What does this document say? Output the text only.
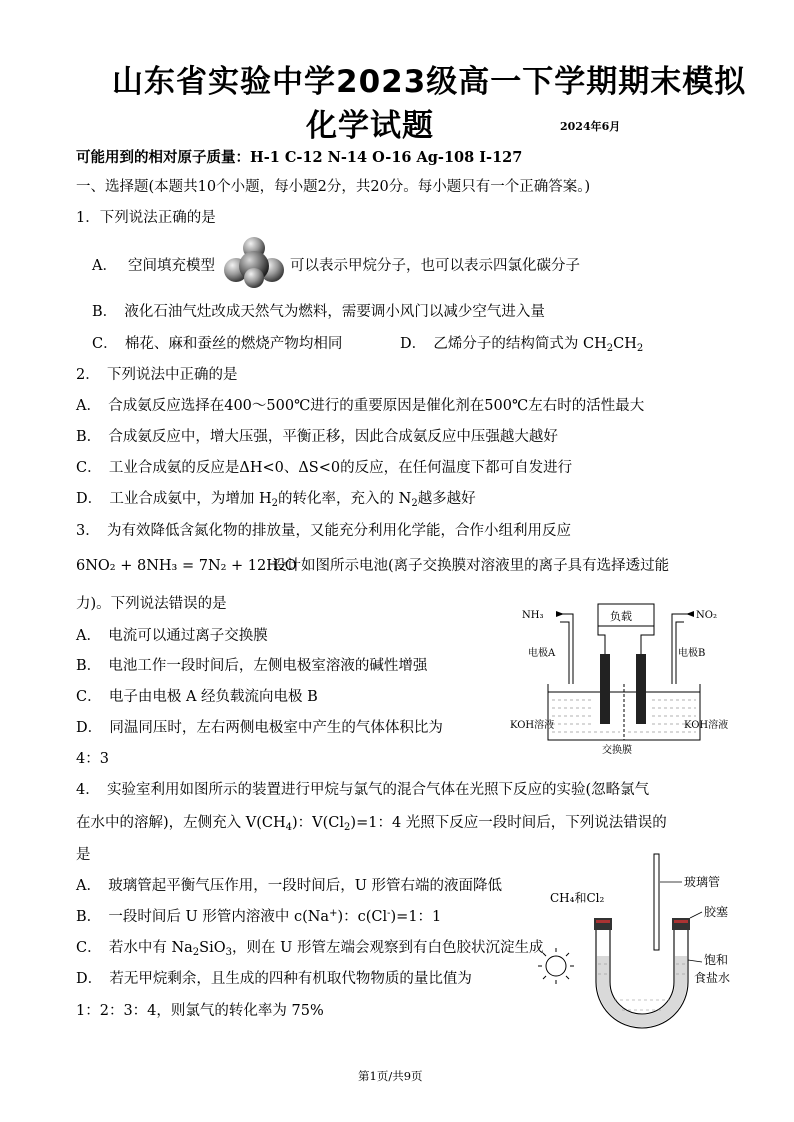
山东省实验中学2023级高一下学期期末模拟
化学试题	2024年6月
可能用到的相对原子质量：H-1 C-12 N-14 O-16 Ag-108 I-127
一、选择题(本题共10个小题，每小题2分，共20分。每小题只有一个正确答案。)
1．下列说法正确的是
A． 空间填充模型	可以表示甲烷分子，也可以表示四氯化碳分子
B．　液化石油气灶改成天然气为燃料，需要调小风门以减少空气进入量
C．　棉花、麻和蚕丝的燃烧产物均相同	D．　乙烯分子的结构简式为 $CH_2CH_2$
2．　下列说法中正确的是
A．　合成氨反应选择在400～500℃进行的重要原因是催化剂在500℃左右时的活性最大
B．　合成氨反应中，增大压强，平衡正移，因此合成氨反应中压强越大越好
C．　工业合成氨的反应是ΔH<0、ΔS<0的反应，在任何温度下都可自发进行
D．　工业合成氨中，为增加 $H_2$的转化率，充入的 $N_2$越多越好
3．　为有效降低含氮化物的排放量，又能充分利用化学能，合作小组利用反应
6NO₂ + 8NH₃ = 7N₂ + 12H₂O
设计如图所示电池(离子交换膜对溶液里的离子具有选择透过能
力)。下列说法错误的是
A．　电流可以通过离子交换膜
B．　电池工作一段时间后，左侧电极室溶液的碱性增强
C．　电子由电极 A 经负载流向电极 B
D．　同温同压时，左右两侧电极室中产生的气体体积比为
4：3
NH₃	NO₂
负载
电极A	电极B
KOH溶液	KOH溶液
交换膜
4．　实验室利用如图所示的装置进行甲烷与氯气的混合气体在光照下反应的实验(忽略氯气
在水中的溶解)，左侧充入 $V(CH_4)$：$V(Cl_2)=1$：4 光照下反应一段时间后，下列说法错误的
是
A．　玻璃管起平衡气压作用，一段时间后，U 形管右端的液面降低
B．　一段时间后 U 形管内溶液中 c(Na+)：c(Cl-)=1：1
C．　若水中有 $Na_2SiO_3$，则在 U 形管左端会观察到有白色胶状沉淀生成
D．　若无甲烷剩余，且生成的四种有机取代物物质的量比值为
1：2：3：4，则氯气的转化率为 75%
CH₄和Cl₂
玻璃管
胶塞
饱和
食盐水
第1页/共9页
